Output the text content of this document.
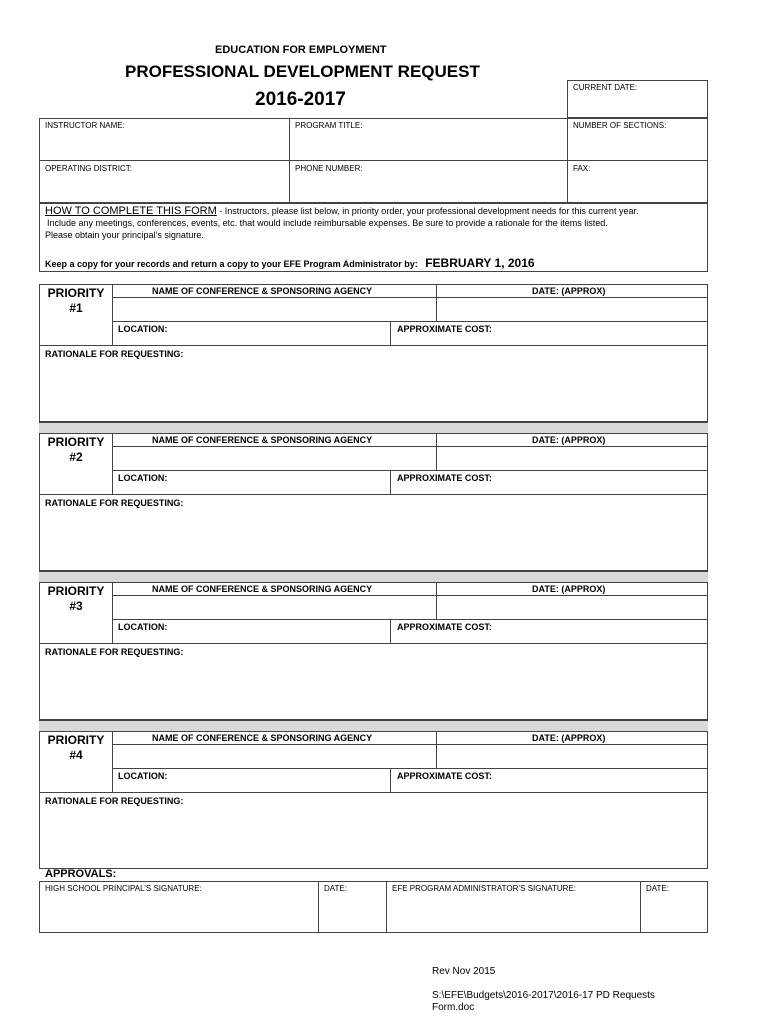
EDUCATION FOR EMPLOYMENT
PROFESSIONAL DEVELOPMENT REQUEST
2016-2017
CURRENT DATE:
INSTRUCTOR NAME:	PROGRAM TITLE:	NUMBER OF SECTIONS:
OPERATING DISTRICT:	PHONE NUMBER:	FAX:
HOW TO COMPLETE THIS FORM - Instructors, please list below, in priority order, your professional development needs for this current year.
Include any meetings, conferences, events, etc. that would include reimbursable expenses. Be sure to provide a rationale for the items listed.
Please obtain your principal’s signature.
Keep a copy for your records and return a copy to your EFE Program Administrator by: FEBRUARY 1, 2016
PRIORITY
#1
NAME OF CONFERENCE & SPONSORING AGENCY	DATE: (APPROX)
LOCATION:	APPROXIMATE COST:
RATIONALE FOR REQUESTING:
PRIORITY
#2
NAME OF CONFERENCE & SPONSORING AGENCY	DATE: (APPROX)
LOCATION:	APPROXIMATE COST:
RATIONALE FOR REQUESTING:
PRIORITY
#3
NAME OF CONFERENCE & SPONSORING AGENCY	DATE: (APPROX)
LOCATION:	APPROXIMATE COST:
RATIONALE FOR REQUESTING:
PRIORITY
#4
NAME OF CONFERENCE & SPONSORING AGENCY	DATE: (APPROX)
LOCATION:	APPROXIMATE COST:
RATIONALE FOR REQUESTING:
APPROVALS:
HIGH SCHOOL PRINCIPAL’S SIGNATURE:	DATE:	EFE PROGRAM ADMINISTRATOR’S SIGNATURE:	DATE:
Rev Nov 2015
S:\EFE\Budgets\2016-2017\2016-17 PD Requests
Form.doc
